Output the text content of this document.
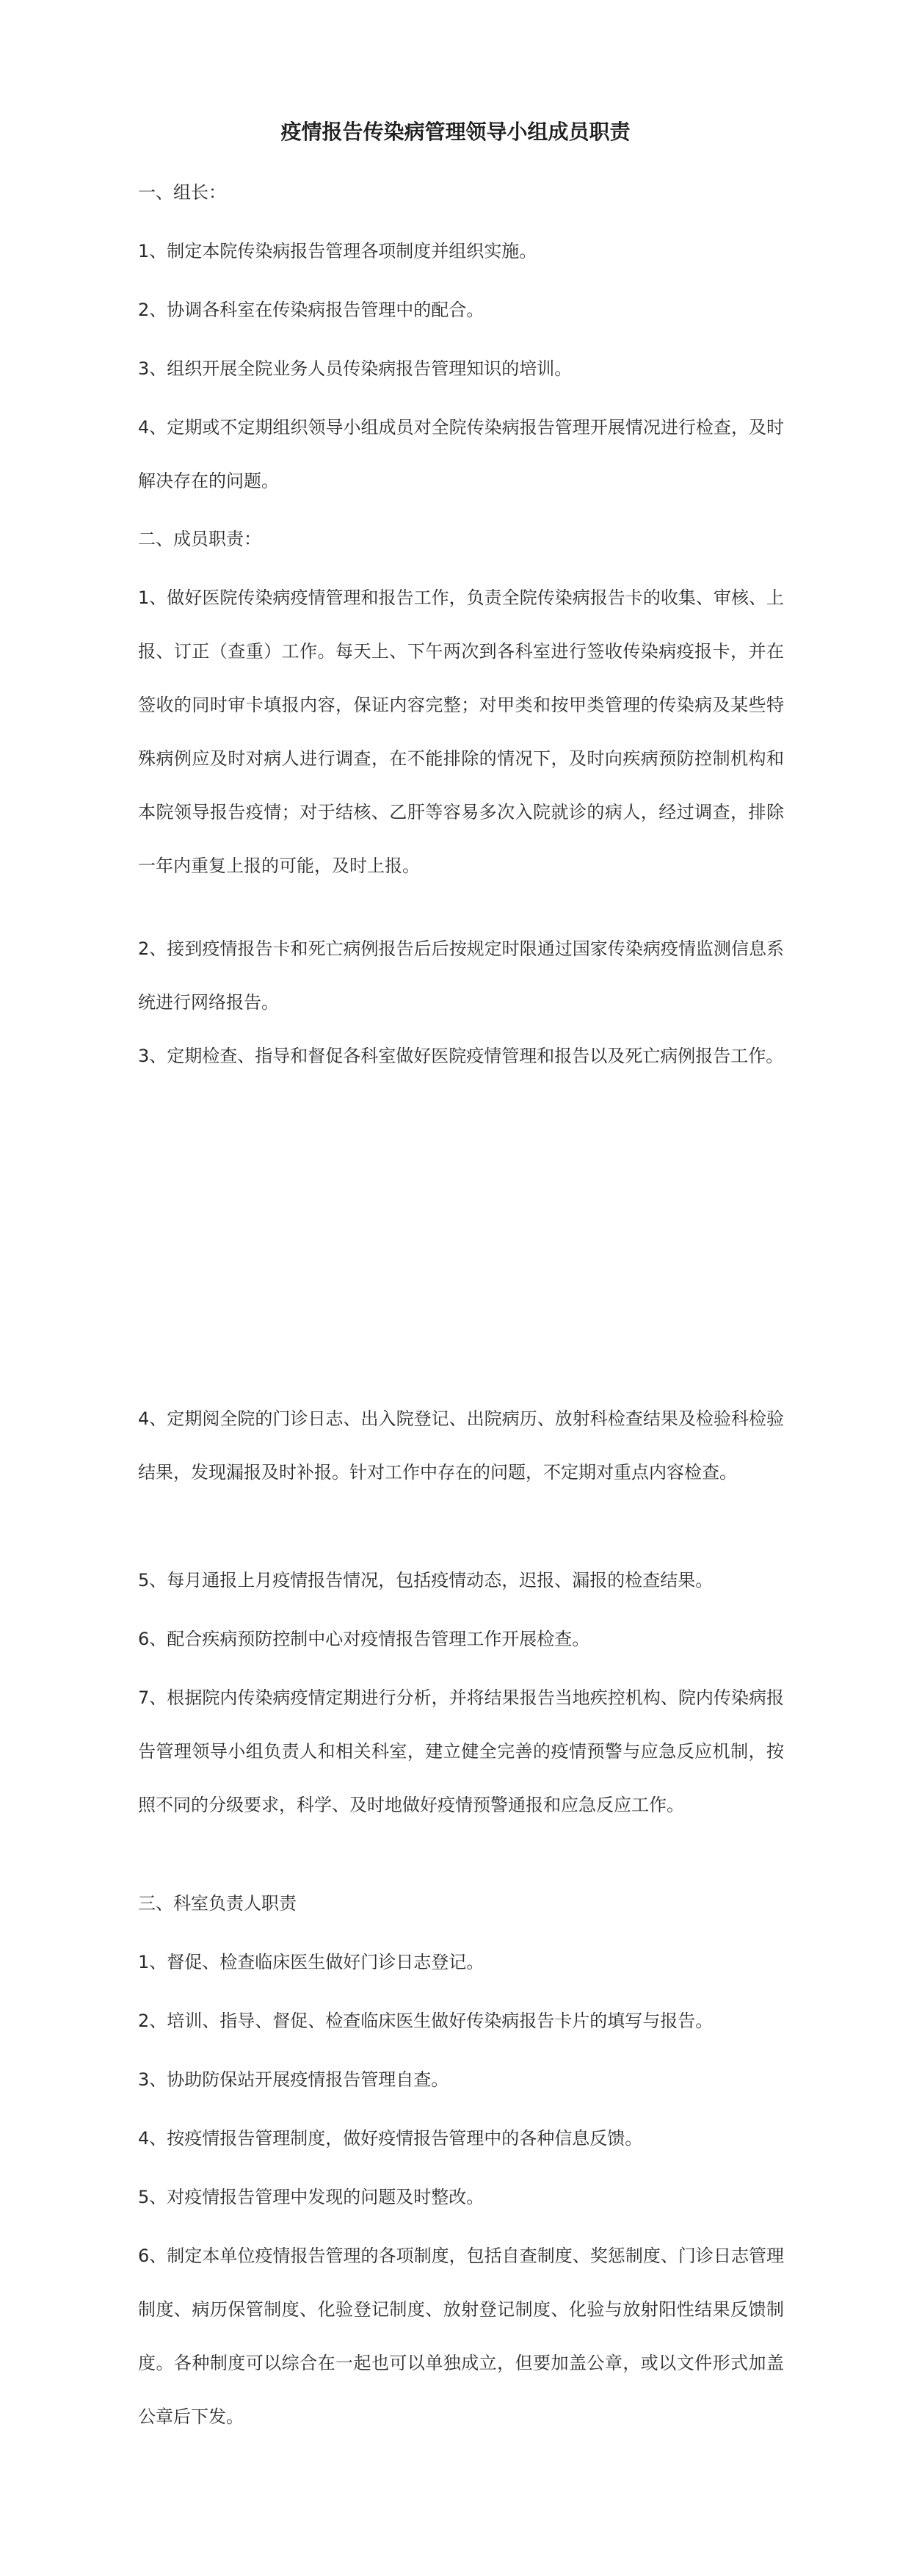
疫情报告传染病管理领导小组成员职责
一、组长：

1、制定本院传染病报告管理各项制度并组织实施。

2、协调各科室在传染病报告管理中的配合。

3、组织开展全院业务人员传染病报告管理知识的培训。

4、定期或不定期组织领导小组成员对全院传染病报告管理开展情况进行检查，及时解决存在的问题。

二、成员职责：

1、做好医院传染病疫情管理和报告工作，负责全院传染病报告卡的收集、审核、上报、订正（查重）工作。每天上、下午两次到各科室进行签收传染病疫报卡，并在签收的同时审卡填报内容，保证内容完整；对甲类和按甲类管理的传染病及某些特殊病例应及时对病人进行调查，在不能排除的情况下，及时向疾病预防控制机构和本院领导报告疫情；对于结核、乙肝等容易多次入院就诊的病人，经过调查，排除一年内重复上报的可能，及时上报。

2、接到疫情报告卡和死亡病例报告后后按规定时限通过国家传染病疫情监测信息系统进行网络报告。

3、定期检查、指导和督促各科室做好医院疫情管理和报告以及死亡病例报告工作。

4、定期阅全院的门诊日志、出入院登记、出院病历、放射科检查结果及检验科检验结果，发现漏报及时补报。针对工作中存在的问题，不定期对重点内容检查。

5、每月通报上月疫情报告情况，包括疫情动态，迟报、漏报的检查结果。

6、配合疾病预防控制中心对疫情报告管理工作开展检查。

7、根据院内传染病疫情定期进行分析，并将结果报告当地疾控机构、院内传染病报告管理领导小组负责人和相关科室，建立健全完善的疫情预警与应急反应机制，按照不同的分级要求，科学、及时地做好疫情预警通报和应急反应工作。

三、科室负责人职责

1、督促、检查临床医生做好门诊日志登记。

2、培训、指导、督促、检查临床医生做好传染病报告卡片的填写与报告。

3、协助防保站开展疫情报告管理自查。

4、按疫情报告管理制度，做好疫情报告管理中的各种信息反馈。

5、对疫情报告管理中发现的问题及时整改。

6、制定本单位疫情报告管理的各项制度，包括自查制度、奖惩制度、门诊日志管理制度、病历保管制度、化验登记制度、放射登记制度、化验与放射阳性结果反馈制度。各种制度可以综合在一起也可以单独成立，但要加盖公章，或以文件形式加盖公章后下发。
